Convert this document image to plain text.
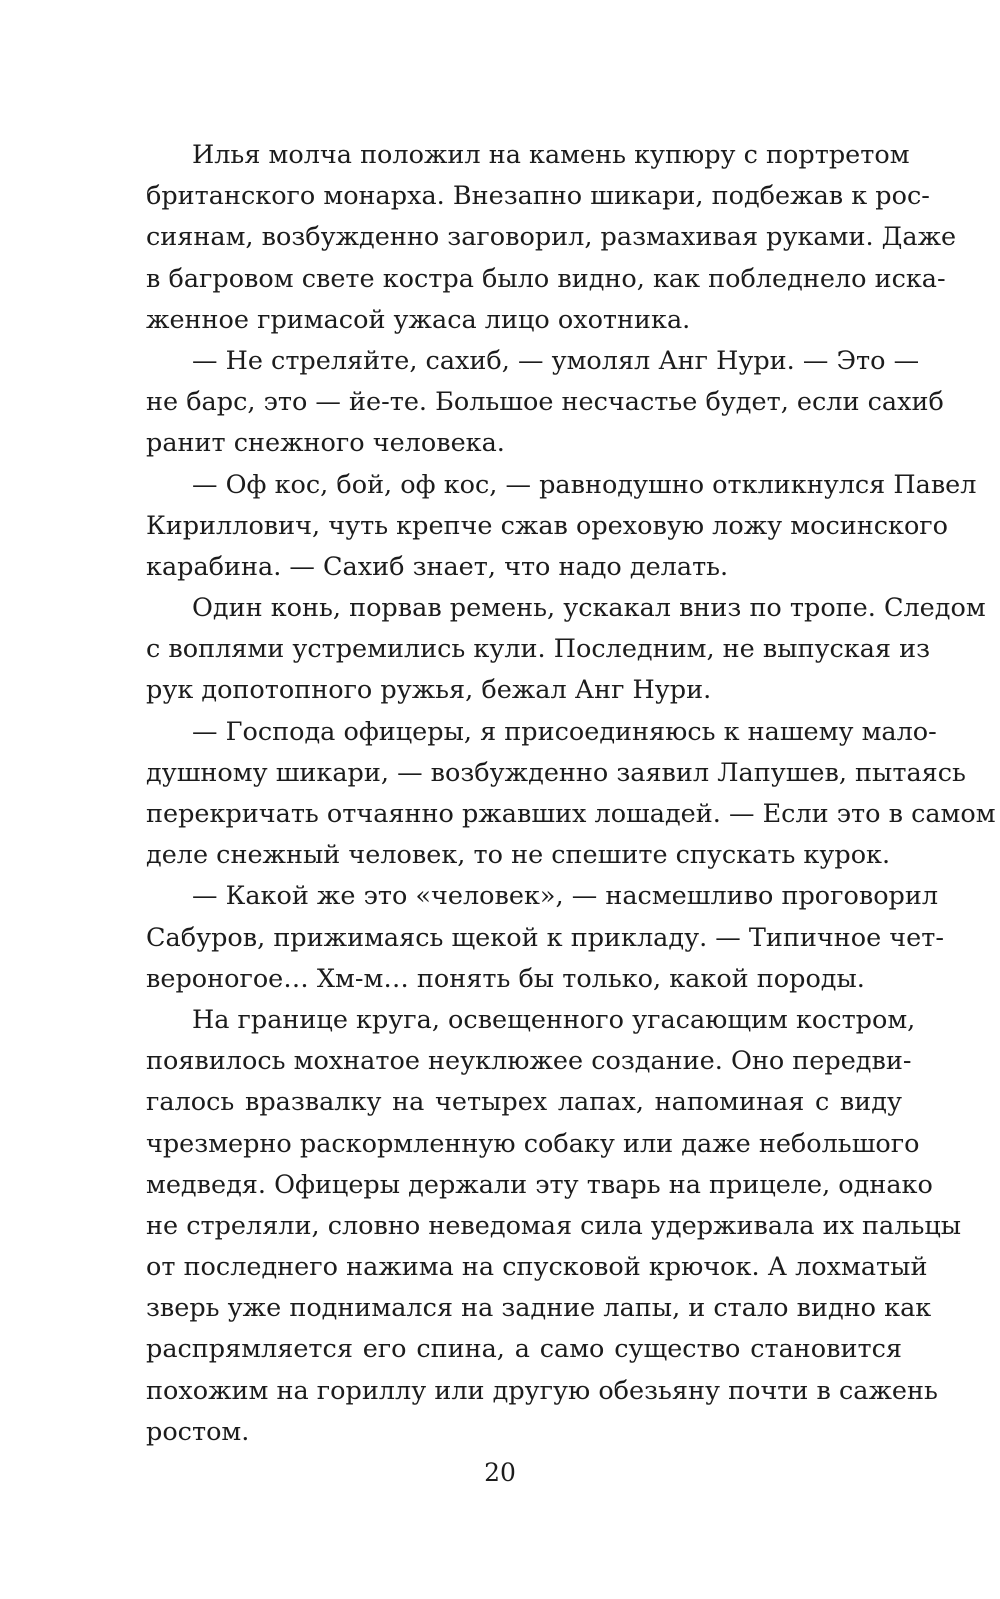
Илья молча положил на камень купюру с портретом
британского монарха. Внезапно шикари, подбежав к рос-
сиянам, возбужденно заговорил, размахивая руками. Даже
в багровом свете костра было видно, как побледнело иска-
женное гримасой ужаса лицо охотника.
— Не стреляйте, сахиб, — умолял Анг Нури. — Это —
не барс, это — йе-те. Большое несчастье будет, если сахиб
ранит снежного человека.
— Оф кос, бой, оф кос, — равнодушно откликнулся Павел
Кириллович, чуть крепче сжав ореховую ложу мосинского
карабина. — Сахиб знает, что надо делать.
Один конь, порвав ремень, ускакал вниз по тропе. Следом
с воплями устремились кули. Последним, не выпуская из
рук допотопного ружья, бежал Анг Нури.
— Господа офицеры, я присоединяюсь к нашему мало-
душному шикари, — возбужденно заявил Лапушев, пытаясь
перекричать отчаянно ржавших лошадей. — Если это в самом
деле снежный человек, то не спешите спускать курок.
— Какой же это «человек», — насмешливо проговорил
Сабуров, прижимаясь щекой к прикладу. — Типичное чет-
вероногое… Хм-м… понять бы только, какой породы.
На границе круга, освещенного угасающим костром,
появилось мохнатое неуклюжее создание. Оно передви-
галось вразвалку на четырех лапах, напоминая с виду
чрезмерно раскормленную собаку или даже небольшого
медведя. Офицеры держали эту тварь на прицеле, однако
не стреляли, словно неведомая сила удерживала их пальцы
от последнего нажима на спусковой крючок. А лохматый
зверь уже поднимался на задние лапы, и стало видно как
распрямляется его спина, а само существо становится
похожим на гориллу или другую обезьяну почти в сажень
ростом.
20
